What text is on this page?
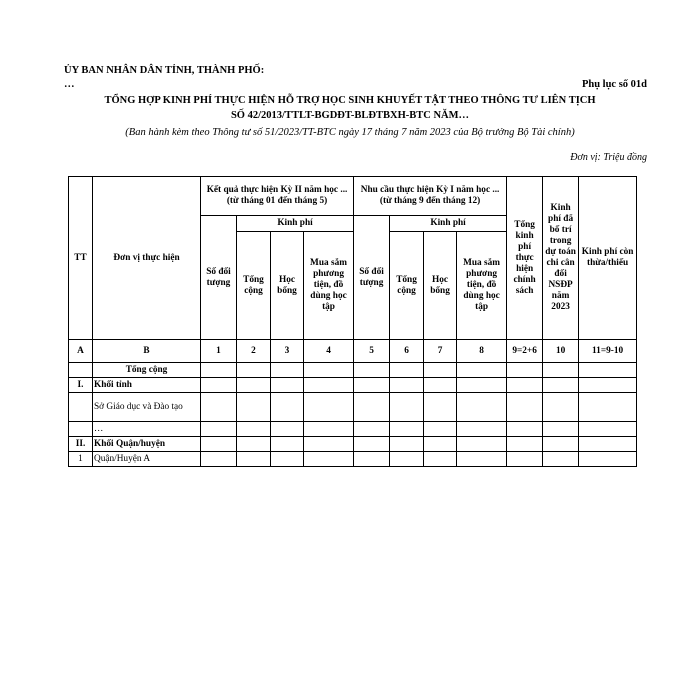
ỦY BAN NHÂN DÂN TỈNH, THÀNH PHỐ:
…	Phụ lục số 01d
TỔNG HỢP KINH PHÍ THỰC HIỆN HỖ TRỢ HỌC SINH KHUYẾT TẬT THEO THÔNG TƯ LIÊN TỊCH
SỐ 42/2013/TTLT-BGDĐT-BLĐTBXH-BTC NĂM…
(Ban hành kèm theo Thông tư số 51/2023/TT-BTC ngày 17 tháng 7 năm 2023 của Bộ trưởng Bộ Tài chính)
Đơn vị: Triệu đồng
TT	Đơn vị thực hiện	Kết quả thực hiện Kỳ II năm học ... (từ tháng 01 đến tháng 5)				Nhu cầu thực hiện Kỳ I năm học ... (từ tháng 9 đến tháng 12)				Tổng kinh phí thực hiện chính sách	Kinh phí đã bố trí trong dự toán chi cân đối NSĐP năm 2023	Kinh phí còn thừa/thiếu
		Số đối tượng	Kinh phí			Số đối tượng	Kinh phí					
			Tổng cộng	Học bổng	Mua sắm phương tiện, đồ dùng học tập		Tổng cộng	Học bổng	Mua sắm phương tiện, đồ dùng học tập			
A	B	1	2	3	4	5	6	7	8	9=2+6	10	11=9-10
	Tổng cộng											
I.	Khối tỉnh											
	Sở Giáo dục và Đào tạo											
	…											
II.	Khối Quận/huyện											
1	Quận/Huyện A											
